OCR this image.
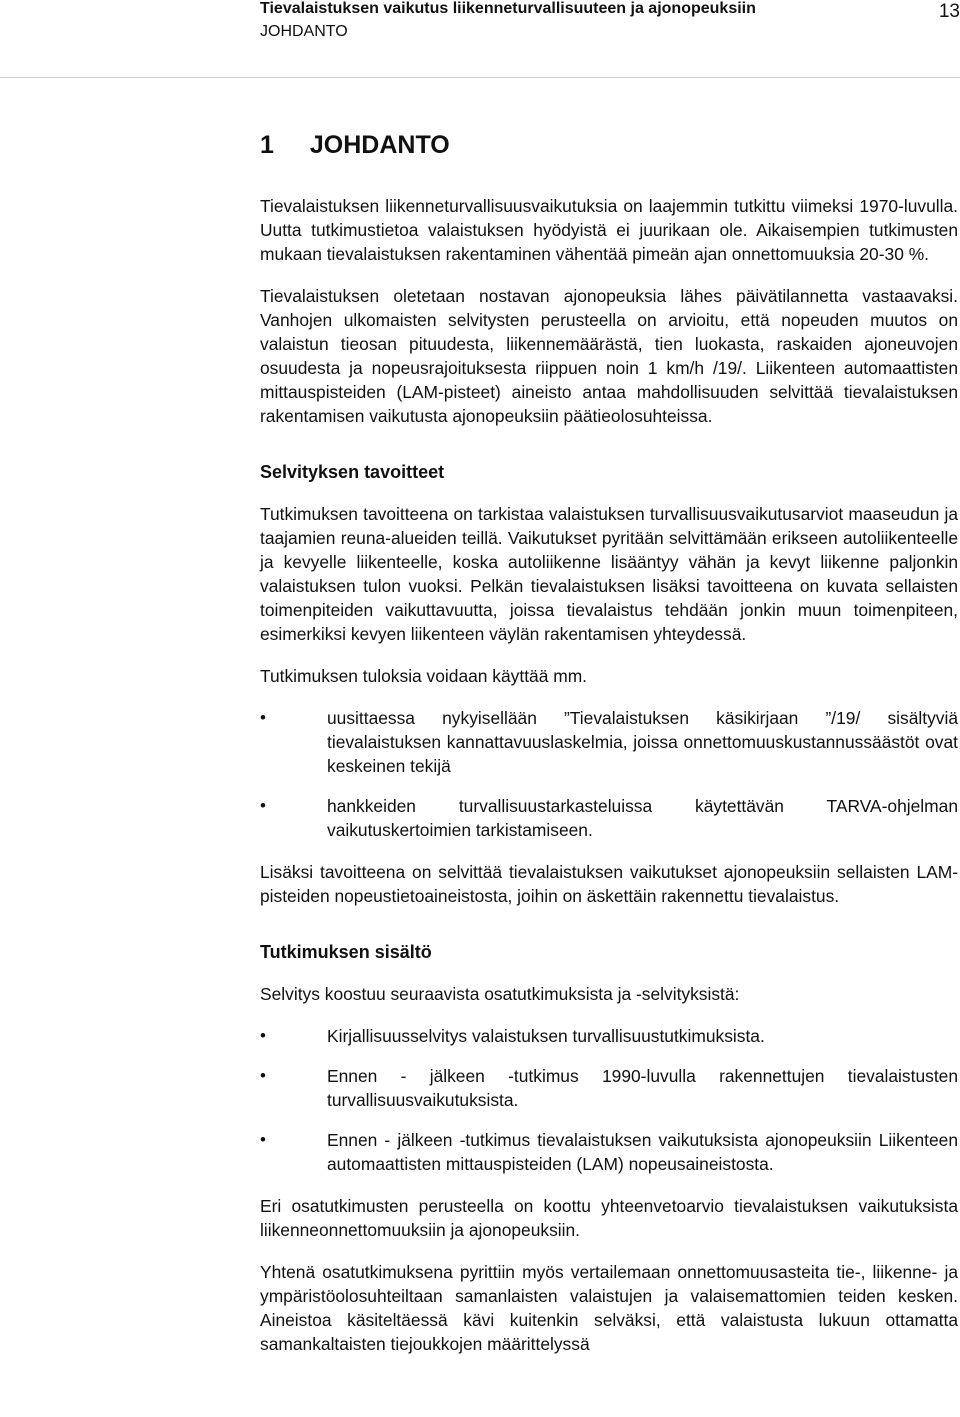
Tievalaistuksen vaikutus liikenneturvallisuuteen ja ajonopeuksiin
JOHDANTO
13
1 JOHDANTO

Tievalaistuksen liikenneturvallisuusvaikutuksia on laajemmin tutkittu viimeksi 1970-luvulla. Uutta tutkimustietoa valaistuksen hyödyistä ei juurikaan ole. Aikaisempien tutkimusten mukaan tievalaistuksen rakentaminen vähentää pimeän ajan onnettomuuksia 20-30 %.

Tievalaistuksen oletetaan nostavan ajonopeuksia lähes päivätilannetta vastaavaksi. Vanhojen ulkomaisten selvitysten perusteella on arvioitu, että nopeuden muutos on valaistun tieosan pituudesta, liikennemäärästä, tien luokasta, raskaiden ajoneuvojen osuudesta ja nopeusrajoituksesta riippuen noin 1 km/h /19/. Liikenteen automaattisten mittauspisteiden (LAM-pisteet) aineisto antaa mahdollisuuden selvittää tievalaistuksen rakentamisen vaikutusta ajonopeuksiin päätieolosuhteissa.

Selvityksen tavoitteet

Tutkimuksen tavoitteena on tarkistaa valaistuksen turvallisuusvaikutusarviot maaseudun ja taajamien reuna-alueiden teillä. Vaikutukset pyritään selvittämään erikseen autoliikenteelle ja kevyelle liikenteelle, koska autoliikenne lisääntyy vähän ja kevyt liikenne paljonkin valaistuksen tulon vuoksi. Pelkän tievalaistuksen lisäksi tavoitteena on kuvata sellaisten toimenpiteiden vaikuttavuutta, joissa tievalaistus tehdään jonkin muun toimenpiteen, esimerkiksi kevyen liikenteen väylän rakentamisen yhteydessä.

Tutkimuksen tuloksia voidaan käyttää mm.

•	uusittaessa nykyisellään ”Tievalaistuksen käsikirjaan ”/19/ sisältyviä tievalaistuksen kannattavuuslaskelmia, joissa onnettomuuskustannussäästöt ovat keskeinen tekijä
•	hankkeiden turvallisuustarkasteluissa käytettävän TARVA-ohjelman vaikutuskertoimien tarkistamiseen.

Lisäksi tavoitteena on selvittää tievalaistuksen vaikutukset ajonopeuksiin sellaisten LAM-pisteiden nopeustietoaineistosta, joihin on äskettäin rakennettu tievalaistus.

Tutkimuksen sisältö

Selvitys koostuu seuraavista osatutkimuksista ja -selvityksistä:

•	Kirjallisuusselvitys valaistuksen turvallisuustutkimuksista.
•	Ennen - jälkeen -tutkimus 1990-luvulla rakennettujen tievalaistusten turvallisuusvaikutuksista.
•	Ennen - jälkeen -tutkimus tievalaistuksen vaikutuksista ajonopeuksiin Liikenteen automaattisten mittauspisteiden (LAM) nopeusaineistosta.

Eri osatutkimusten perusteella on koottu yhteenvetoarvio tievalaistuksen vaikutuksista liikenneonnettomuuksiin ja ajonopeuksiin.

Yhtenä osatutkimuksena pyrittiin myös vertailemaan onnettomuusasteita tie-, liikenne- ja ympäristöolosuhteiltaan samanlaisten valaistujen ja valaisemattomien teiden kesken. Aineistoa käsiteltäessä kävi kuitenkin selväksi, että valaistusta lukuun ottamatta samankaltaisten tiejoukkojen määrittelyssä
